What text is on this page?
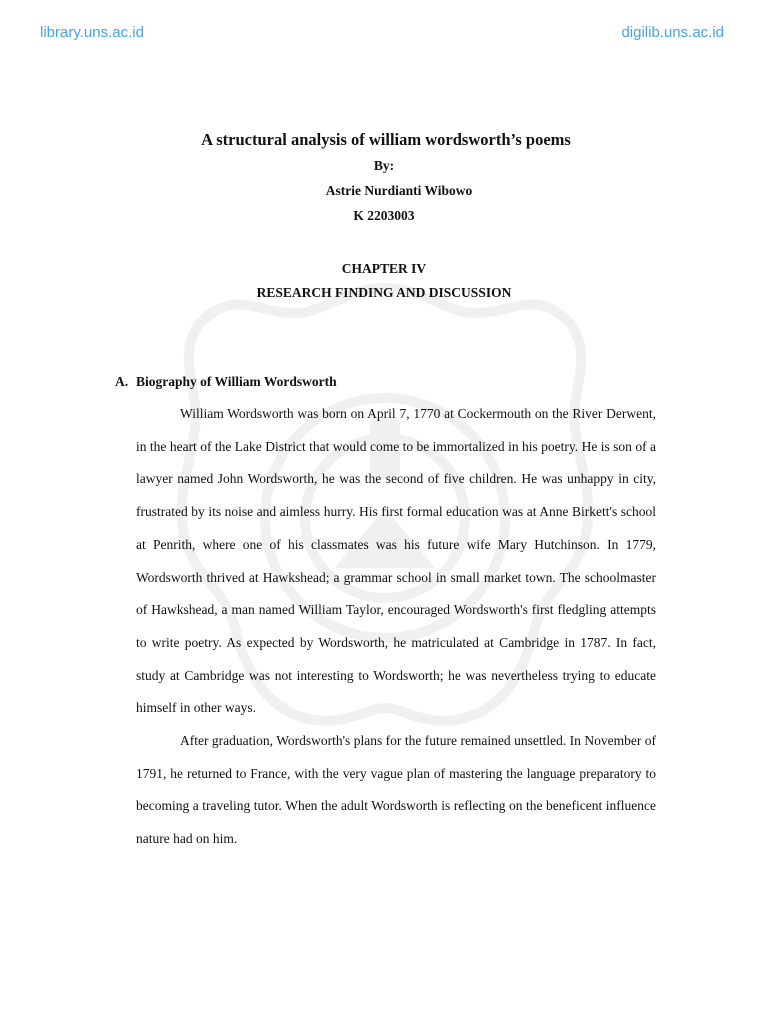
library.uns.ac.id	digilib.uns.ac.id
A structural analysis of william wordsworth’s poems
By:
Astrie Nurdianti Wibowo
K 2203003
CHAPTER IV
RESEARCH FINDING AND DISCUSSION
A. Biography of William Wordsworth

William Wordsworth was born on April 7, 1770 at Cockermouth on the River Derwent, in the heart of the Lake District that would come to be immortalized in his poetry. He is son of a lawyer named John Wordsworth, he was the second of five children. He was unhappy in city, frustrated by its noise and aimless hurry. His first formal education was at Anne Birkett's school at Penrith, where one of his classmates was his future wife Mary Hutchinson. In 1779, Wordsworth thrived at Hawkshead; a grammar school in small market town. The schoolmaster of Hawkshead, a man named William Taylor, encouraged Wordsworth's first fledgling attempts to write poetry. As expected by Wordsworth, he matriculated at Cambridge in 1787. In fact, study at Cambridge was not interesting to Wordsworth; he was nevertheless trying to educate himself in other ways.

After graduation, Wordsworth's plans for the future remained unsettled. In November of 1791, he returned to France, with the very vague plan of mastering the language preparatory to becoming a traveling tutor. When the adult Wordsworth is reflecting on the beneficent influence nature had on him.
